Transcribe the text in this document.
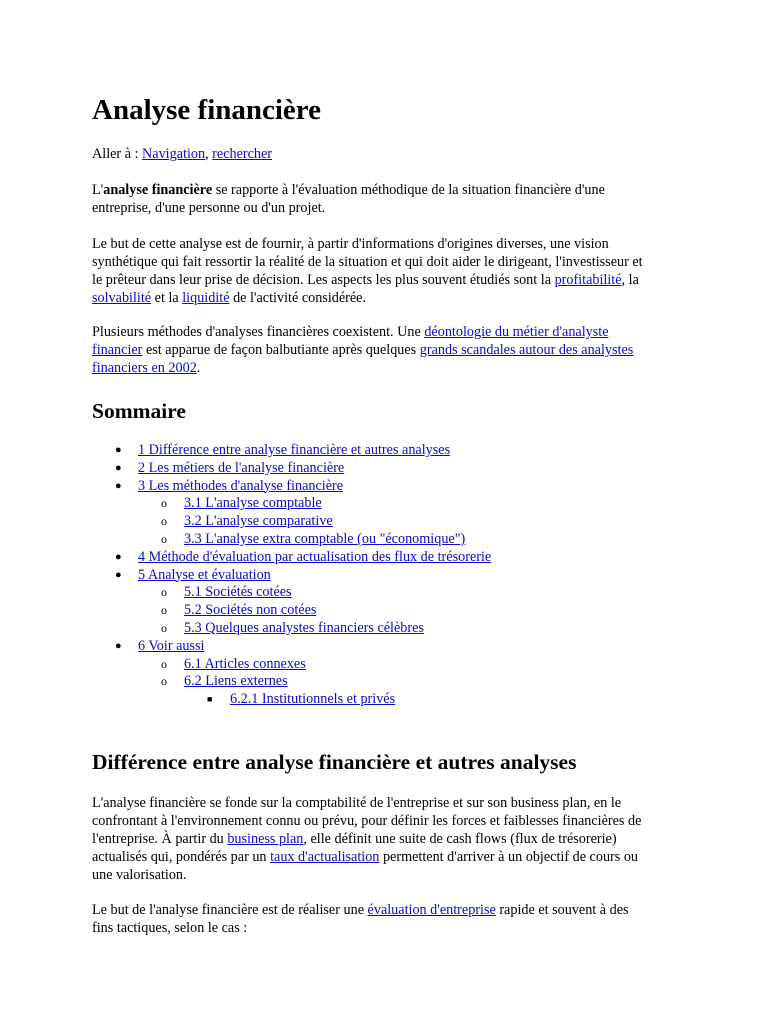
Analyse financière

Aller à : Navigation, rechercher

L'analyse financière se rapporte à l'évaluation méthodique de la situation financière d'une entreprise, d'une personne ou d'un projet.

Le but de cette analyse est de fournir, à partir d'informations d'origines diverses, une vision synthétique qui fait ressortir la réalité de la situation et qui doit aider le dirigeant, l'investisseur et le prêteur dans leur prise de décision. Les aspects les plus souvent étudiés sont la profitabilité, la solvabilité et la liquidité de l'activité considérée.

Plusieurs méthodes d'analyses financières coexistent. Une déontologie du métier d'analyste financier est apparue de façon balbutiante après quelques grands scandales autour des analystes financiers en 2002.

Sommaire
● 1 Différence entre analyse financière et autres analyses
● 2 Les métiers de l'analyse financière
● 3 Les méthodes d'analyse financière
o 3.1 L'analyse comptable
o 3.2 L'analyse comparative
o 3.3 L'analyse extra comptable (ou "économique")
● 4 Méthode d'évaluation par actualisation des flux de trésorerie
● 5 Analyse et évaluation
o 5.1 Sociétés cotées
o 5.2 Sociétés non cotées
o 5.3 Quelques analystes financiers célèbres
● 6 Voir aussi
o 6.1 Articles connexes
o 6.2 Liens externes
■ 6.2.1 Institutionnels et privés
Différence entre analyse financière et autres analyses

L'analyse financière se fonde sur la comptabilité de l'entreprise et sur son business plan, en le confrontant à l'environnement connu ou prévu, pour définir les forces et faiblesses financières de l'entreprise. À partir du business plan, elle définit une suite de cash flows (flux de trésorerie) actualisés qui, pondérés par un taux d'actualisation permettent d'arriver à un objectif de cours ou une valorisation.

Le but de l'analyse financière est de réaliser une évaluation d'entreprise rapide et souvent à des fins tactiques, selon le cas :
